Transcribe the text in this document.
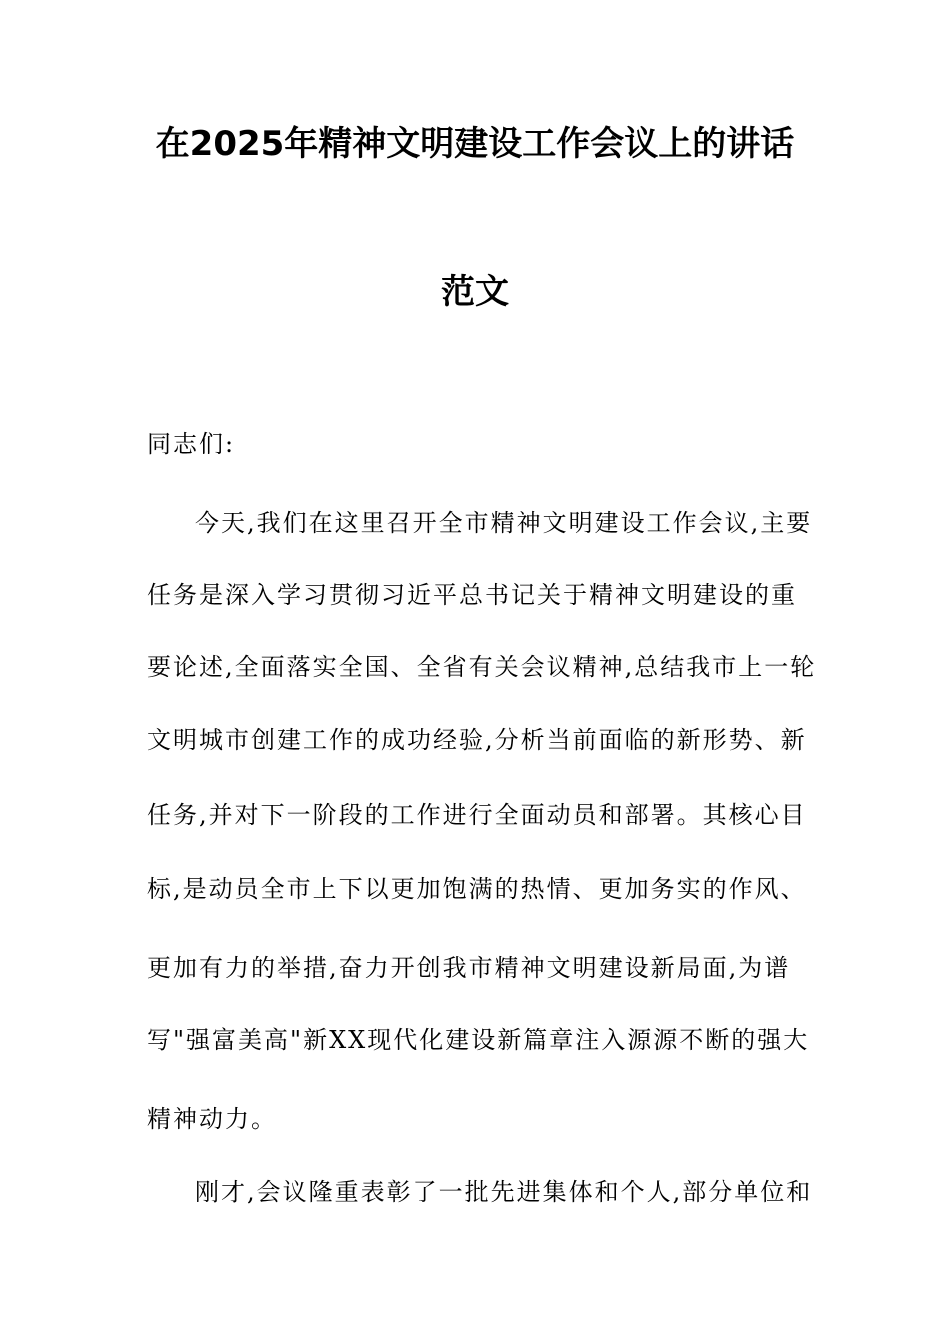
在2025年精神文明建设工作会议上的讲话
范文
同志们:
今天,我们在这里召开全市精神文明建设工作会议,主要
任务是深入学习贯彻习近平总书记关于精神文明建设的重
要论述,全面落实全国、全省有关会议精神,总结我市上一轮
文明城市创建工作的成功经验,分析当前面临的新形势、新
任务,并对下一阶段的工作进行全面动员和部署。其核心目
标,是动员全市上下以更加饱满的热情、更加务实的作风、
更加有力的举措,奋力开创我市精神文明建设新局面,为谱
写"强富美高"新XX现代化建设新篇章注入源源不断的强大
精神动力。
刚才,会议隆重表彰了一批先进集体和个人,部分单位和
